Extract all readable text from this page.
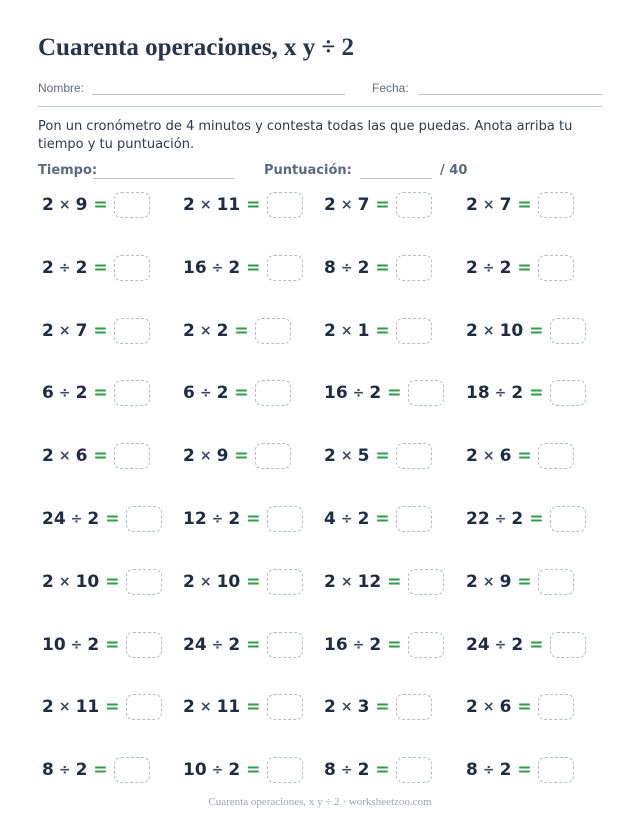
Cuarenta operaciones, x y ÷ 2
Nombre:	Fecha:
Pon un cronómetro de 4 minutos y contesta todas las que puedas. Anota arriba tu tiempo y tu puntuación.
Tiempo:	Puntuación:	/ 40
2 × 9 =	2 × 11 =	2 × 7 =	2 × 7 =
2 ÷ 2 =	16 ÷ 2 =	8 ÷ 2 =	2 ÷ 2 =
2 × 7 =	2 × 2 =	2 × 1 =	2 × 10 =
6 ÷ 2 =	6 ÷ 2 =	16 ÷ 2 =	18 ÷ 2 =
2 × 6 =	2 × 9 =	2 × 5 =	2 × 6 =
24 ÷ 2 =	12 ÷ 2 =	4 ÷ 2 =	22 ÷ 2 =
2 × 10 =	2 × 10 =	2 × 12 =	2 × 9 =
10 ÷ 2 =	24 ÷ 2 =	16 ÷ 2 =	24 ÷ 2 =
2 × 11 =	2 × 11 =	2 × 3 =	2 × 6 =
8 ÷ 2 =	10 ÷ 2 =	8 ÷ 2 =	8 ÷ 2 =
Cuarenta operaciones, x y ÷ 2 · worksheetzoo.com
